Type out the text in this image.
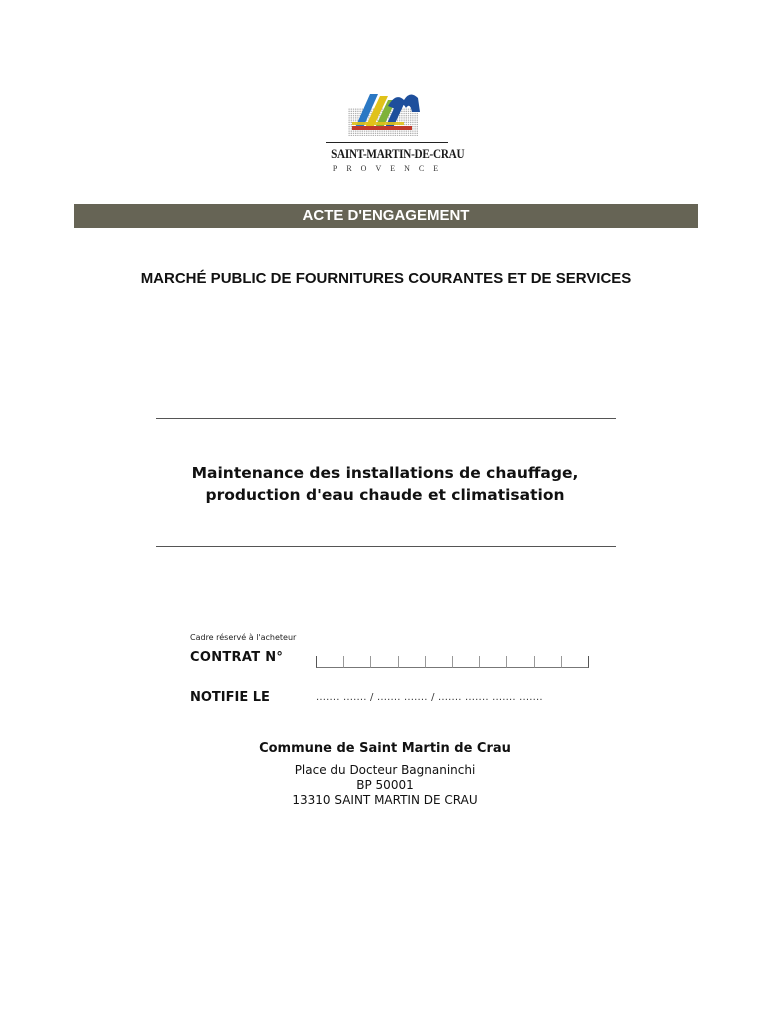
SAINT-MARTIN-DE-CRAU
PROVENCE
ACTE D'ENGAGEMENT
MARCHÉ PUBLIC DE FOURNITURES COURANTES ET DE SERVICES
Maintenance des installations de chauffage,
production d'eau chaude et climatisation
Cadre réservé à l'acheteur
CONTRAT N°
NOTIFIE LE	....... ....... / ....... ....... / ....... ....... ....... .......
Commune de Saint Martin de Crau
Place du Docteur Bagnaninchi
BP 50001
13310 SAINT MARTIN DE CRAU
